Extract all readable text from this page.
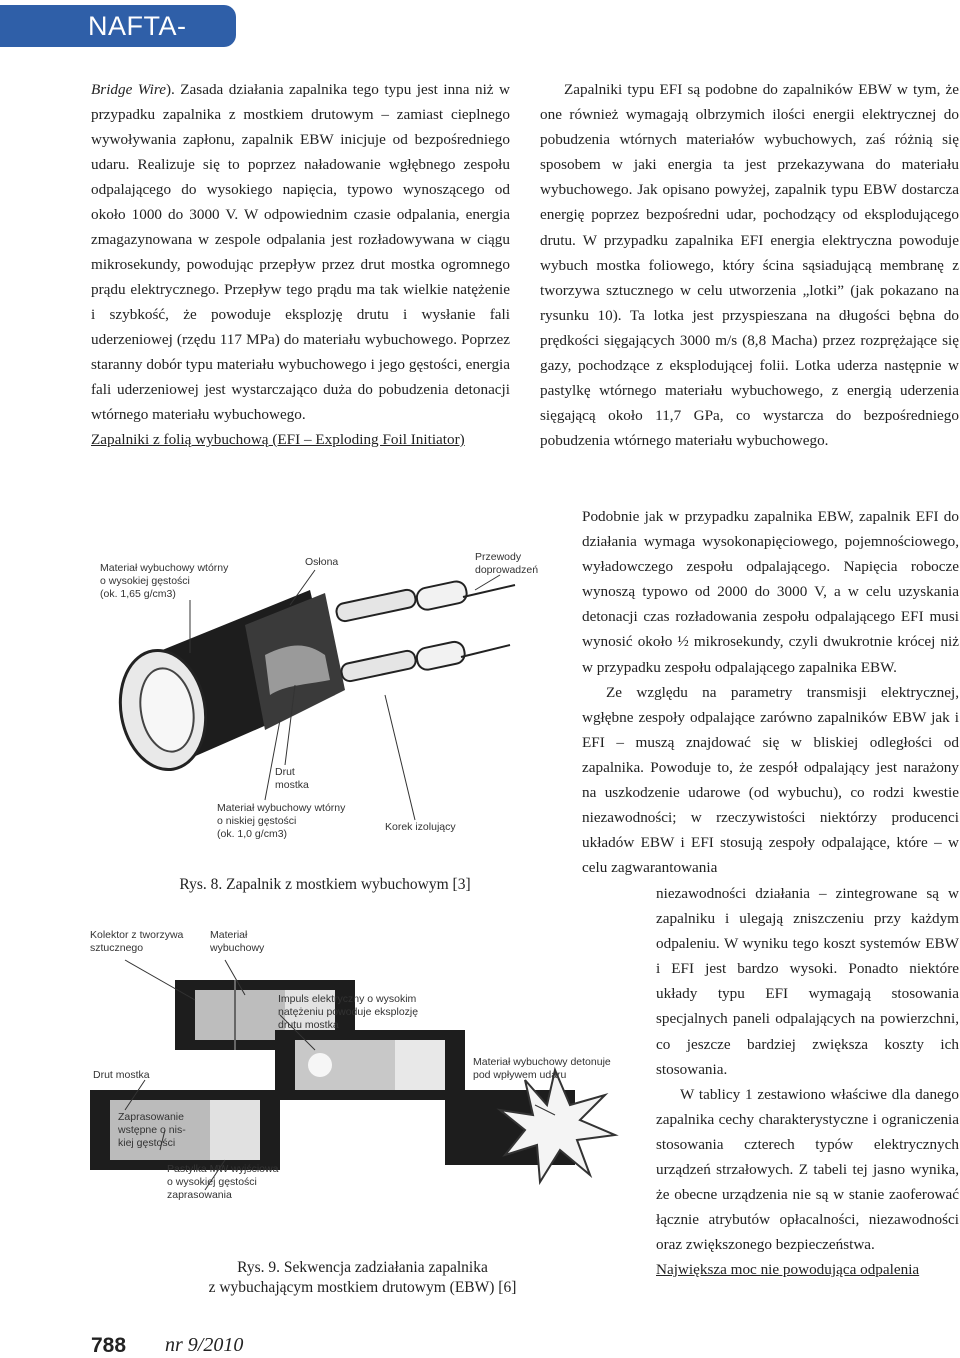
NAFTA-GAZ

Bridge Wire). Zasada działania zapalnika tego typu jest inna niż w przypadku zapalnika z mostkiem drutowym – zamiast cieplnego wywoływania zapłonu, zapalnik EBW inicjuje od bezpośredniego udaru. Realizuje się to poprzez naładowanie wgłębnego zespołu odpalającego do wysokiego napięcia, typowo wynoszącego od około 1000 do 3000 V. W odpowiednim czasie odpalania, energia zmagazynowana w zespole odpalania jest rozładowywana w ciągu mikrosekundy, powodując przepływ przez drut mostka ogromnego prądu elektrycznego. Przepływ tego prądu ma tak wielkie natężenie i szybkość, że powoduje eksplozję drutu i wysłanie fali uderzeniowej (rzędu 117 MPa) do materiału wybuchowego. Poprzez staranny dobór typu materiału wybuchowego i jego gęstości, energia fali uderzeniowej jest wystarczająco duża do pobudzenia detonacji wtórnego materiału wybuchowego.

Zapalniki z folią wybuchową (EFI – Exploding Foil Initiator)

Materiał wybuchowy wtórny o wysokiej gęstości (ok. 1,65 g/cm3)
Osłona	Przewody doprowadzeń
Drut mostka
Materiał wybuchowy wtórny o niskiej gęstości (ok. 1,0 g/cm3)
Korek izolujący
Rys. 8. Zapalnik z mostkiem wybuchowym [3]
Kolektor z tworzywa sztucznego
Materiał wybuchowy
Impuls elektryczny o wysokim natężeniu powoduje eksplozję drutu mostka
Drut mostka
Zaprasowanie wstępne o nis- kiej gęstości
Pastylka MW wyjściowa o wysokiej gęstości zaprasowania
Materiał wybuchowy detonuje pod wpływem udaru
Rys. 9. Sekwencja zadziałania zapalnika
z wybuchającym mostkiem drutowym (EBW) [6]

Zapalniki typu EFI są podobne do zapalników EBW w tym, że one również wymagają olbrzymich ilości energii elektrycznej do pobudzenia wtórnych materiałów wybuchowych, zaś różnią się sposobem w jaki energia ta jest przekazywana do materiału wybuchowego. Jak opisano powyżej, zapalnik typu EBW dostarcza energię poprzez bezpośredni udar, pochodzący od eksplodującego drutu. W przypadku zapalnika EFI energia elektryczna powoduje wybuch mostka foliowego, który ścina sąsiadującą membranę z tworzywa sztucznego w celu utworzenia „lotki” (jak pokazano na rysunku 10). Ta lotka jest przyspieszana na długości bębna do prędkości sięgających 3000 m/s (8,8 Macha) przez rozprężające się gazy, pochodzące z eksplodującej folii. Lotka uderza następnie w pastylkę wtórnego materiału wybuchowego, z energią uderzenia sięgającą około 11,7 GPa, co wystarcza do bezpośredniego pobudzenia wtórnego materiału wybuchowego.

Podobnie jak w przypadku zapalnika EBW, zapalnik EFI do działania wymaga wysokonapięciowego, pojemnościowego, wyładowczego zespołu odpalającego. Napięcia robocze wynoszą typowo od 2000 do 3000 V, a w celu uzyskania detonacji czas rozładowania zespołu odpalającego EFI musi wynosić około ½ mikrosekundy, czyli dwukrotnie krócej niż w przypadku zespołu odpalającego zapalnika EBW.

Ze względu na parametry transmisji elektrycznej, wgłębne zespoły odpalające zarówno zapalników EBW jak i EFI – muszą znajdować się w bliskiej odległości od zapalnika. Powoduje to, że zespół odpalający jest narażony na uszkodzenie udarowe (od wybuchu), co rodzi kwestie niezawodności; w rzeczywistości niektórzy producenci układów EBW i EFI stosują zespoły odpalające, które – w celu zagwarantowania

niezawodności działania – zintegrowane są w zapalniku i ulegają zniszczeniu przy każdym odpaleniu. W wyniku tego koszt systemów EBW i EFI jest bardzo wysoki. Ponadto niektóre układy typu EFI wymagają stosowania specjalnych paneli odpalających na powierzchni, co jeszcze bardziej zwiększa koszty ich stosowania.

W tablicy 1 zestawiono właściwe dla danego zapalnika cechy charakterystyczne i ograniczenia stosowania czterech typów elektrycznych urządzeń strzałowych. Z tabeli tej jasno wynika, że obecne urządzenia nie są w stanie zaoferować łącznie atrybutów opłacalności, niezawodności oraz zwiększonego bezpieczeństwa.

Największa moc nie powodująca odpalenia

788 nr 9/2010
